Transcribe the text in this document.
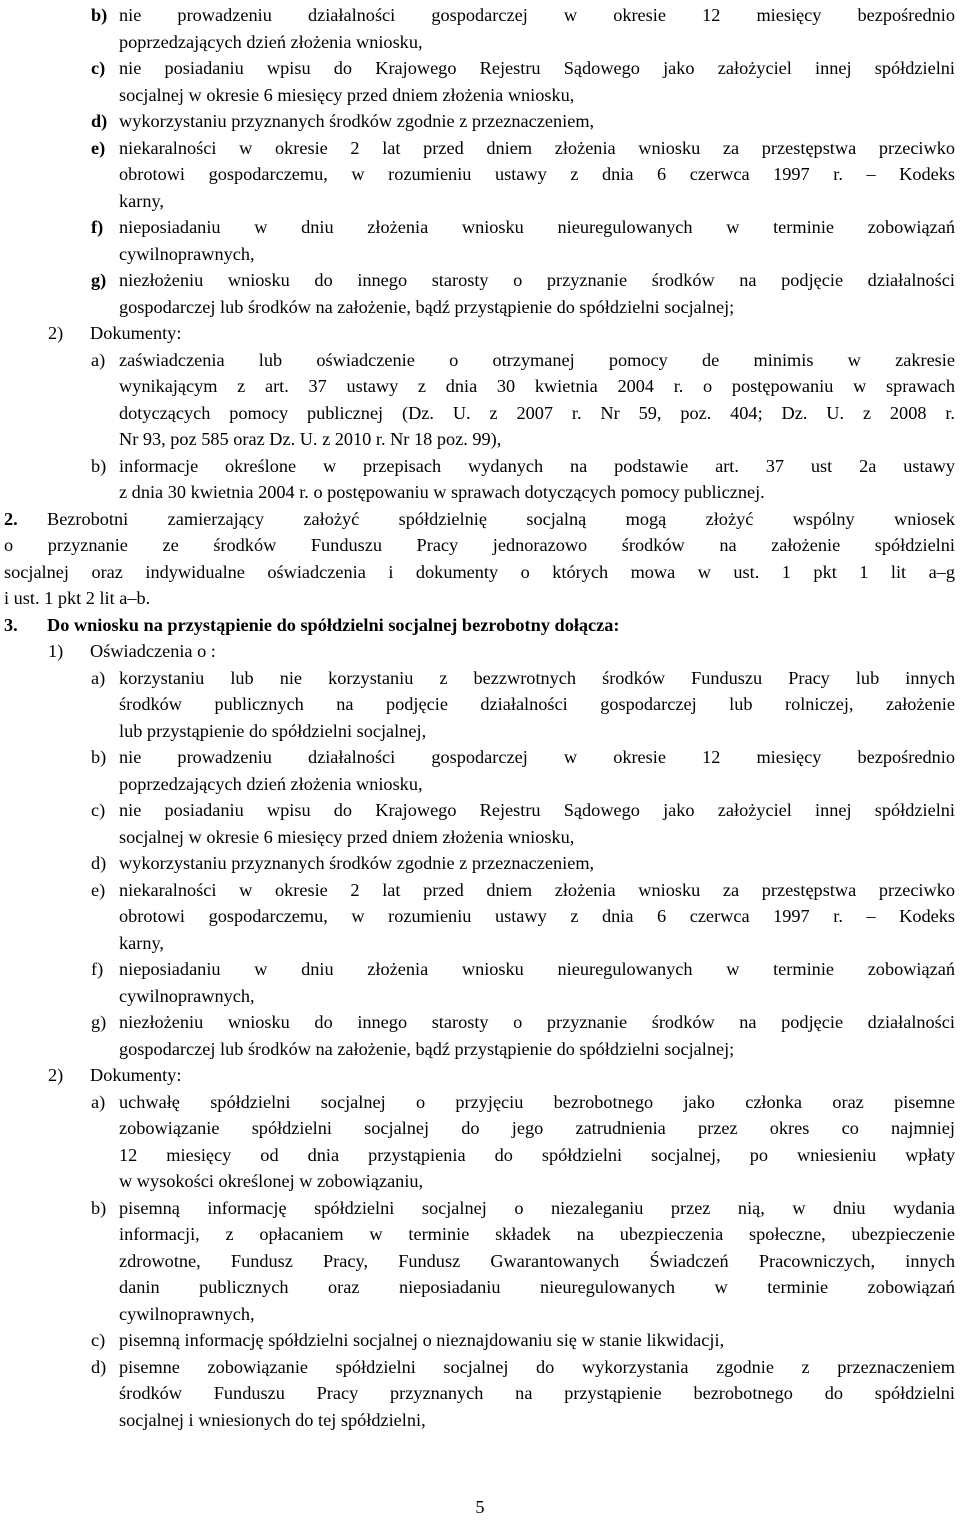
b) nie prowadzeniu działalności gospodarczej w okresie 12 miesięcy bezpośrednio
poprzedzających dzień złożenia wniosku,
c) nie posiadaniu wpisu do Krajowego Rejestru Sądowego jako założyciel innej spółdzielni
socjalnej w okresie 6 miesięcy przed dniem złożenia wniosku,
d) wykorzystaniu przyznanych środków zgodnie z przeznaczeniem,
e) niekaralności w okresie 2 lat przed dniem złożenia wniosku za przestępstwa przeciwko
obrotowi gospodarczemu, w rozumieniu ustawy z dnia 6 czerwca 1997 r. ‒ Kodeks
karny,
f) nieposiadaniu w dniu złożenia wniosku nieuregulowanych w terminie zobowiązań
cywilnoprawnych,
g) niezłożeniu wniosku do innego starosty o przyznanie środków na podjęcie działalności
gospodarczej lub środków na założenie, bądź przystąpienie do spółdzielni socjalnej;
2) Dokumenty:
a) zaświadczenia lub oświadczenie o otrzymanej pomocy de minimis w zakresie
wynikającym z art. 37 ustawy z dnia 30 kwietnia 2004 r. o postępowaniu w sprawach
dotyczących pomocy publicznej (Dz. U. z 2007 r. Nr 59, poz. 404; Dz. U. z 2008 r.
Nr 93, poz 585 oraz Dz. U. z 2010 r. Nr 18 poz. 99),
b) informacje określone w przepisach wydanych na podstawie art. 37 ust 2a ustawy
z dnia 30 kwietnia 2004 r. o postępowaniu w sprawach dotyczących pomocy publicznej.
2. Bezrobotni zamierzający założyć spółdzielnię socjalną mogą złożyć wspólny wniosek
o przyznanie ze środków Funduszu Pracy jednorazowo środków na założenie spółdzielni
socjalnej oraz indywidualne oświadczenia i dokumenty o których mowa w ust. 1 pkt 1 lit a‒g
i ust. 1 pkt 2 lit a‒b.
3. Do wniosku na przystąpienie do spółdzielni socjalnej bezrobotny dołącza:
1) Oświadczenia o :
a) korzystaniu lub nie korzystaniu z bezzwrotnych środków Funduszu Pracy lub innych
środków publicznych na podjęcie działalności gospodarczej lub rolniczej, założenie
lub przystąpienie do spółdzielni socjalnej,
b) nie prowadzeniu działalności gospodarczej w okresie 12 miesięcy bezpośrednio
poprzedzających dzień złożenia wniosku,
c) nie posiadaniu wpisu do Krajowego Rejestru Sądowego jako założyciel innej spółdzielni
socjalnej w okresie 6 miesięcy przed dniem złożenia wniosku,
d) wykorzystaniu przyznanych środków zgodnie z przeznaczeniem,
e) niekaralności w okresie 2 lat przed dniem złożenia wniosku za przestępstwa przeciwko
obrotowi gospodarczemu, w rozumieniu ustawy z dnia 6 czerwca 1997 r. ‒ Kodeks
karny,
f) nieposiadaniu w dniu złożenia wniosku nieuregulowanych w terminie zobowiązań
cywilnoprawnych,
g) niezłożeniu wniosku do innego starosty o przyznanie środków na podjęcie działalności
gospodarczej lub środków na założenie, bądź przystąpienie do spółdzielni socjalnej;
2) Dokumenty:
a) uchwałę spółdzielni socjalnej o przyjęciu bezrobotnego jako członka oraz pisemne
zobowiązanie spółdzielni socjalnej do jego zatrudnienia przez okres co najmniej
12 miesięcy od dnia przystąpienia do spółdzielni socjalnej, po wniesieniu wpłaty
w wysokości określonej w zobowiązaniu,
b) pisemną informację spółdzielni socjalnej o niezaleganiu przez nią, w dniu wydania
informacji, z opłacaniem w terminie składek na ubezpieczenia społeczne, ubezpieczenie
zdrowotne, Fundusz Pracy, Fundusz Gwarantowanych Świadczeń Pracowniczych, innych
danin publicznych oraz nieposiadaniu nieuregulowanych w terminie zobowiązań
cywilnoprawnych,
c) pisemną informację spółdzielni socjalnej o nieznajdowaniu się w stanie likwidacji,
d) pisemne zobowiązanie spółdzielni socjalnej do wykorzystania zgodnie z przeznaczeniem
środków Funduszu Pracy przyznanych na przystąpienie bezrobotnego do spółdzielni
socjalnej i wniesionych do tej spółdzielni,
5
